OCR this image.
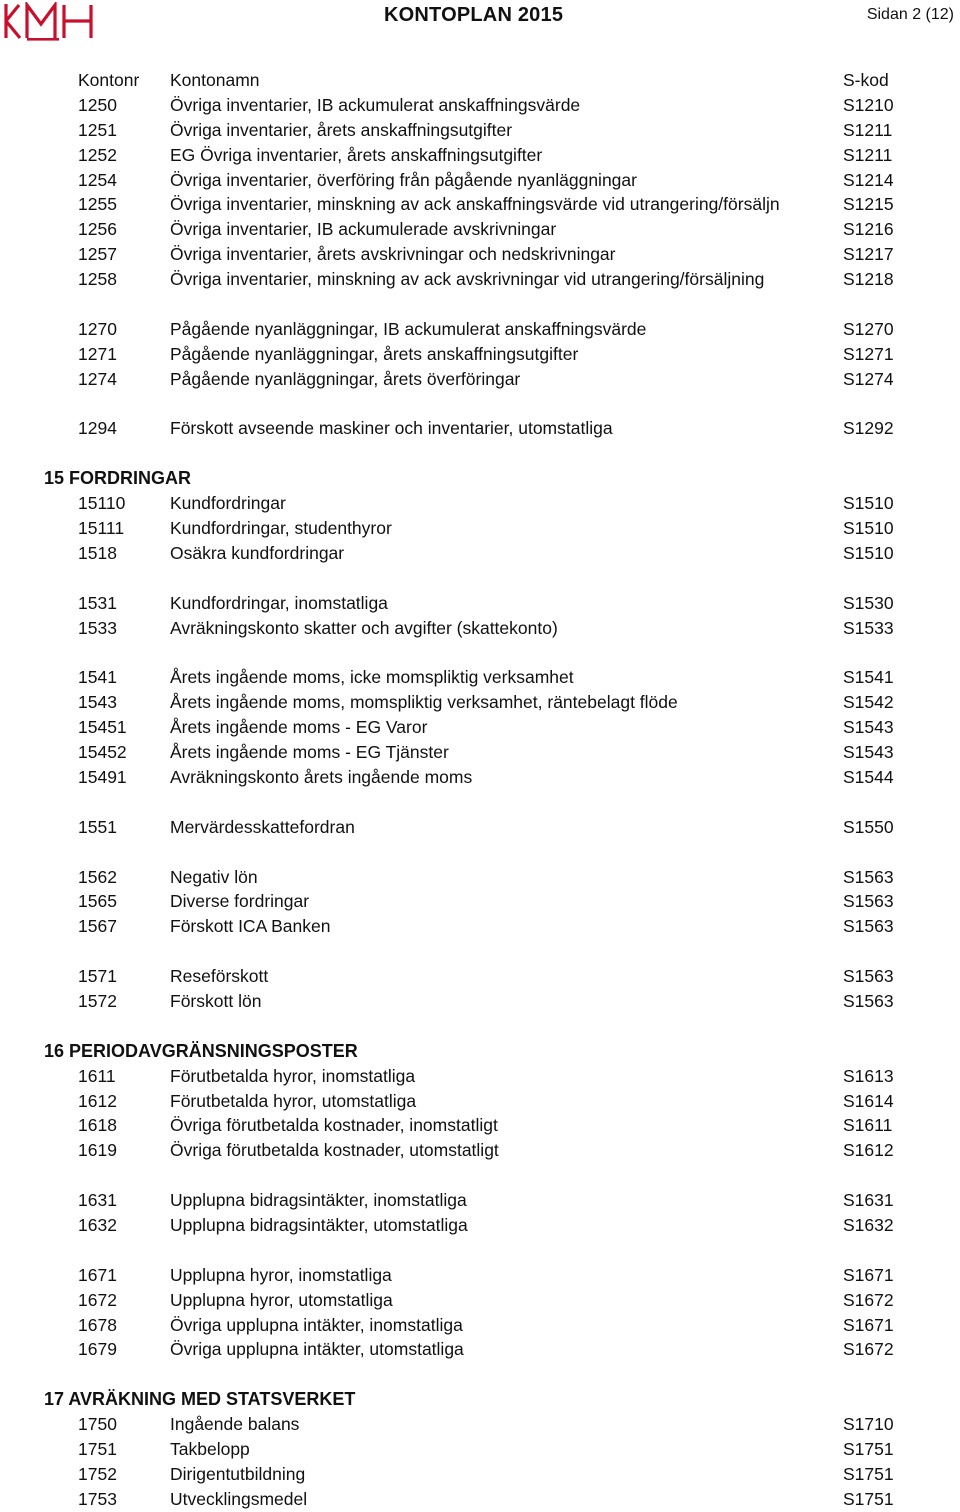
KONTOPLAN 2015	Sidan 2 (12)
Kontonr Kontonamn	S-kod
1250	Övriga inventarier, IB ackumulerat anskaffningsvärde	S1210
1251	Övriga inventarier, årets anskaffningsutgifter	S1211
1252	EG Övriga inventarier, årets anskaffningsutgifter	S1211
1254	Övriga inventarier, överföring från pågående nyanläggningar	S1214
1255	Övriga inventarier, minskning av ack anskaffningsvärde vid utrangering/försäljn	S1215
1256	Övriga inventarier, IB ackumulerade avskrivningar	S1216
1257	Övriga inventarier, årets avskrivningar och nedskrivningar	S1217
1258	Övriga inventarier, minskning av ack avskrivningar vid utrangering/försäljning	S1218
1270	Pågående nyanläggningar, IB ackumulerat anskaffningsvärde	S1270
1271	Pågående nyanläggningar, årets anskaffningsutgifter	S1271
1274	Pågående nyanläggningar, årets överföringar	S1274
1294	Förskott avseende maskiner och inventarier, utomstatliga	S1292
15 FORDRINGAR
15110	Kundfordringar	S1510
15111	Kundfordringar, studenthyror	S1510
1518	Osäkra kundfordringar	S1510
1531	Kundfordringar, inomstatliga	S1530
1533	Avräkningskonto skatter och avgifter (skattekonto)	S1533
1541	Årets ingående moms, icke momspliktig verksamhet	S1541
1543	Årets ingående moms, momspliktig verksamhet, räntebelagt flöde	S1542
15451 Årets ingående moms - EG Varor	S1543
15452 Årets ingående moms - EG Tjänster	S1543
15491 Avräkningskonto årets ingående moms	S1544
1551	Mervärdesskattefordran	S1550
1562	Negativ lön	S1563
1565	Diverse fordringar	S1563
1567	Förskott ICA Banken	S1563
1571	Reseförskott	S1563
1572	Förskott lön	S1563
16 PERIODAVGRÄNSNINGSPOSTER
1611	Förutbetalda hyror, inomstatliga	S1613
1612	Förutbetalda hyror, utomstatliga	S1614
1618	Övriga förutbetalda kostnader, inomstatligt	S1611
1619	Övriga förutbetalda kostnader, utomstatligt	S1612
1631	Upplupna bidragsintäkter, inomstatliga	S1631
1632	Upplupna bidragsintäkter, utomstatliga	S1632
1671	Upplupna hyror, inomstatliga	S1671
1672	Upplupna hyror, utomstatliga	S1672
1678	Övriga upplupna intäkter, inomstatliga	S1671
1679	Övriga upplupna intäkter, utomstatliga	S1672
17 AVRÄKNING MED STATSVERKET
1750	Ingående balans	S1710
1751	Takbelopp	S1751
1752	Dirigentutbildning	S1751
1753	Utvecklingsmedel	S1751
